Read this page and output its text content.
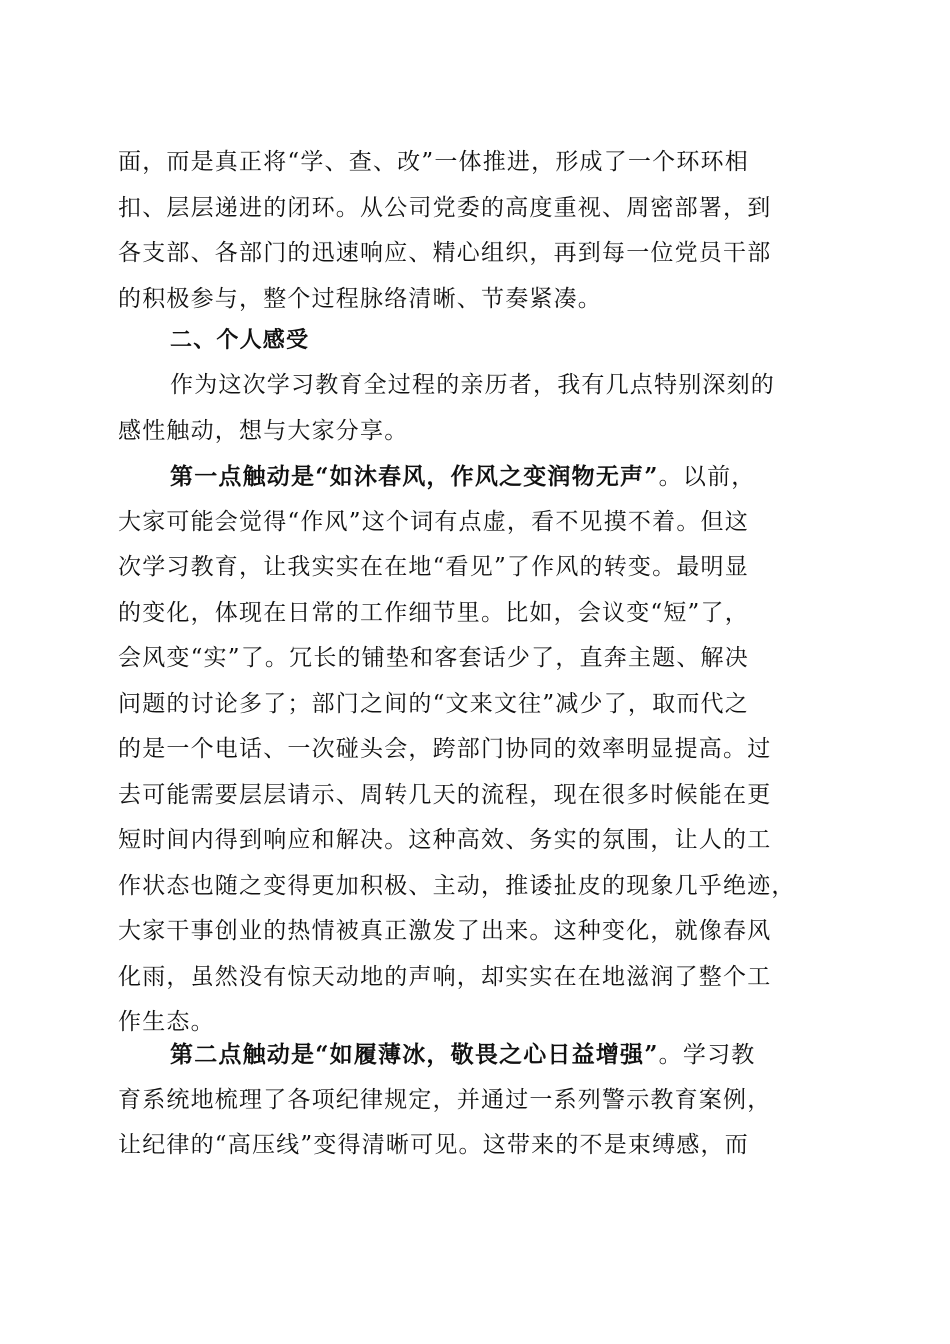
面，而是真正将“学、查、改”一体推进，形成了一个环环相
扣、层层递进的闭环。从公司党委的高度重视、周密部署，到
各支部、各部门的迅速响应、精心组织，再到每一位党员干部
的积极参与，整个过程脉络清晰、节奏紧凑。
二、个人感受
作为这次学习教育全过程的亲历者，我有几点特别深刻的
感性触动，想与大家分享。
第一点触动是“如沐春风，作风之变润物无声”。以前，
大家可能会觉得“作风”这个词有点虚，看不见摸不着。但这
次学习教育，让我实实在在地“看见”了作风的转变。最明显
的变化，体现在日常的工作细节里。比如，会议变“短”了，
会风变“实”了。冗长的铺垫和客套话少了，直奔主题、解决
问题的讨论多了；部门之间的“文来文往”减少了，取而代之
的是一个电话、一次碰头会，跨部门协同的效率明显提高。过
去可能需要层层请示、周转几天的流程，现在很多时候能在更
短时间内得到响应和解决。这种高效、务实的氛围，让人的工
作状态也随之变得更加积极、主动，推诿扯皮的现象几乎绝迹，
大家干事创业的热情被真正激发了出来。这种变化，就像春风
化雨，虽然没有惊天动地的声响，却实实在在地滋润了整个工
作生态。
第二点触动是“如履薄冰，敬畏之心日益增强”。学习教
育系统地梳理了各项纪律规定，并通过一系列警示教育案例，
让纪律的“高压线”变得清晰可见。这带来的不是束缚感，而
